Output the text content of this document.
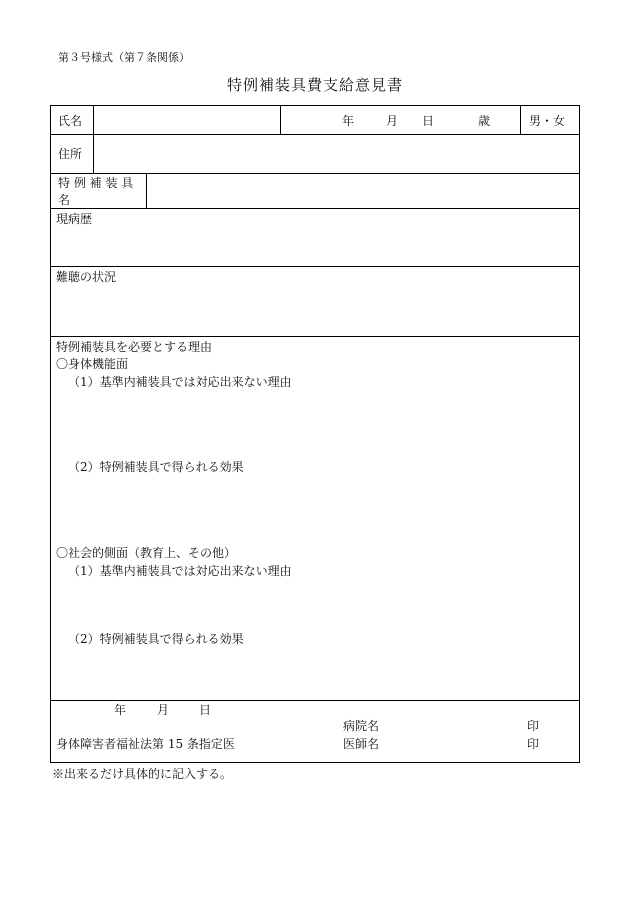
第３号様式（第７条関係）
特例補装具費支給意見書
氏名	年	月 日	歳	男・女
住所
特 例 補 装 具
名
現病歴
難聴の状況
特例補装具を必要とする理由
〇身体機能面
（1）基準内補装具では対応出来ない理由
（2）特例補装具で得られる効果
〇社会的側面（教育上、その他）
（1）基準内補装具では対応出来ない理由
（2）特例補装具で得られる効果
年	月 日
病院名	印
身体障害者福祉法第 15 条指定医	医師名	印
※出来るだけ具体的に記入する。
